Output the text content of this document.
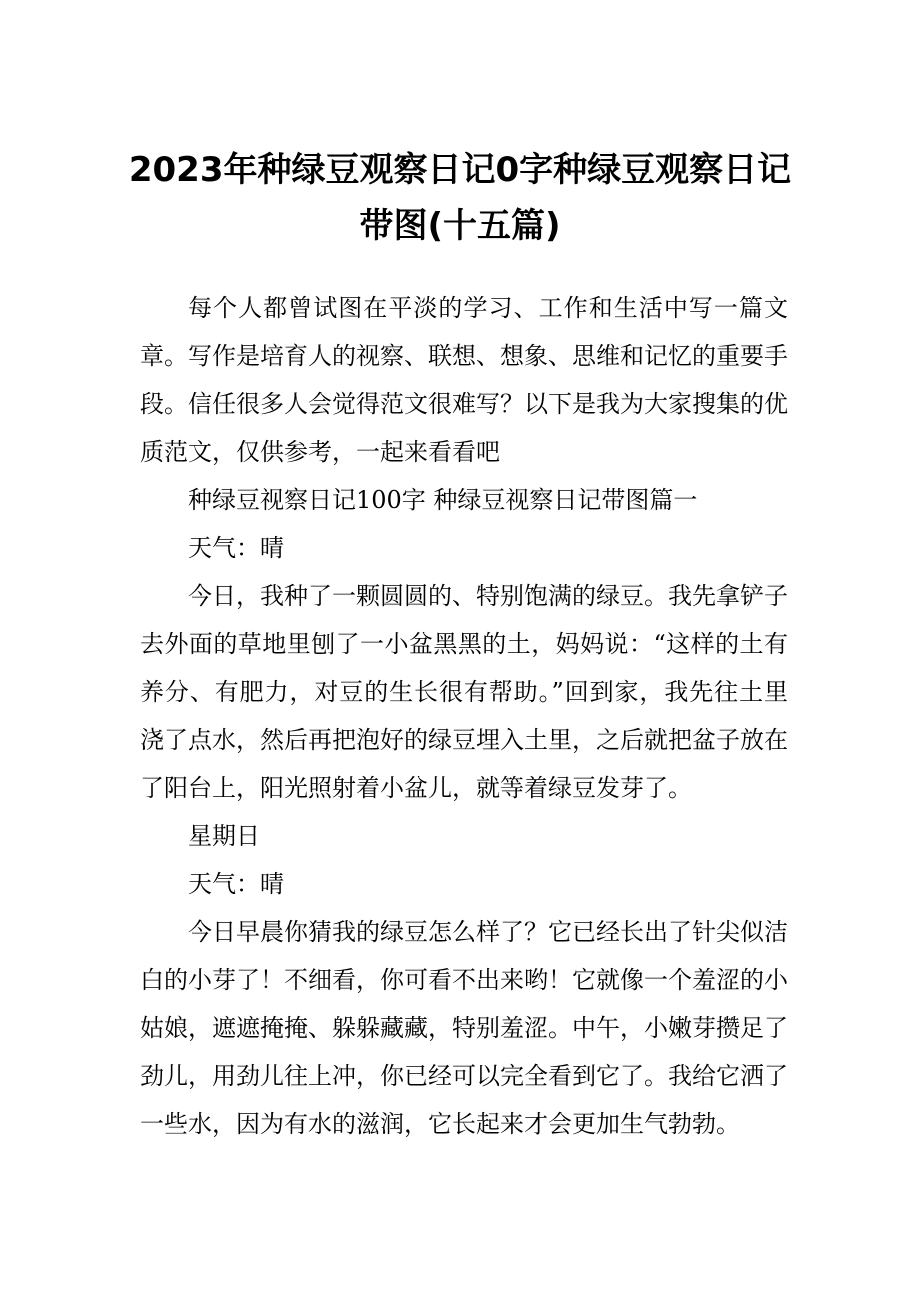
2023年种绿豆观察日记0字种绿豆观察日记带图(十五篇)

每个人都曾试图在平淡的学习、工作和生活中写一篇文章。写作是培育人的视察、联想、想象、思维和记忆的重要手段。信任很多人会觉得范文很难写？以下是我为大家搜集的优质范文，仅供参考，一起来看看吧

种绿豆视察日记100字 种绿豆视察日记带图篇一

天气：晴

今日，我种了一颗圆圆的、特别饱满的绿豆。我先拿铲子去外面的草地里刨了一小盆黑黑的土，妈妈说：“这样的土有养分、有肥力，对豆的生长很有帮助。”回到家，我先往土里浇了点水，然后再把泡好的绿豆埋入土里，之后就把盆子放在了阳台上，阳光照射着小盆儿，就等着绿豆发芽了。

星期日

天气：晴

今日早晨你猜我的绿豆怎么样了？它已经长出了针尖似洁白的小芽了！不细看，你可看不出来哟！它就像一个羞涩的小姑娘，遮遮掩掩、躲躲藏藏，特别羞涩。中午，小嫩芽攒足了劲儿，用劲儿往上冲，你已经可以完全看到它了。我给它洒了一些水，因为有水的滋润，它长起来才会更加生气勃勃。
